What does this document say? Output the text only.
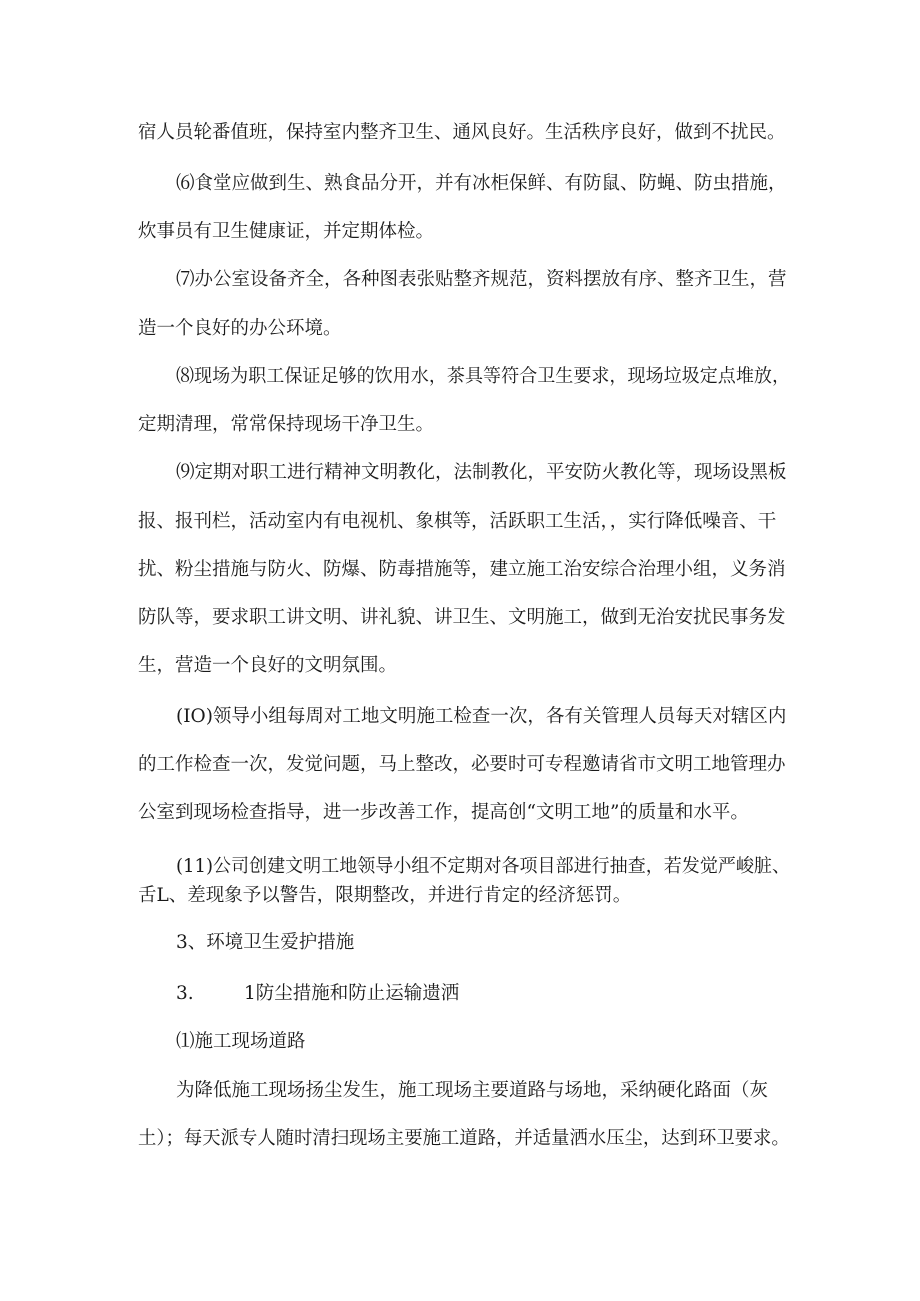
宿人员轮番值班，保持室内整齐卫生、通风良好。生活秩序良好，做到不扰民。
⑹食堂应做到生、熟食品分开，并有冰柜保鲜、有防鼠、防蝇、防虫措施，
炊事员有卫生健康证，并定期体检。
⑺办公室设备齐全，各种图表张贴整齐规范，资料摆放有序、整齐卫生，营
造一个良好的办公环境。
⑻现场为职工保证足够的饮用水，茶具等符合卫生要求，现场垃圾定点堆放，
定期清理，常常保持现场干净卫生。
⑼定期对职工进行精神文明教化，法制教化，平安防火教化等，现场设黑板
报、报刊栏，活动室内有电视机、象棋等，活跃职工生活，，实行降低噪音、干
扰、粉尘措施与防火、防爆、防毒措施等，建立施工治安综合治理小组，义务消
防队等，要求职工讲文明、讲礼貌、讲卫生、文明施工，做到无治安扰民事务发
生，营造一个良好的文明氛围。
(IO)领导小组每周对工地文明施工检查一次，各有关管理人员每天对辖区内
的工作检查一次，发觉问题，马上整改，必要时可专程邀请省市文明工地管理办
公室到现场检查指导，进一步改善工作，提高创“文明工地”的质量和水平。
(11)公司创建文明工地领导小组不定期对各项目部进行抽查，若发觉严峻脏、
舌L、差现象予以警告，限期整改，并进行肯定的经济惩罚。
3、环境卫生爱护措施
3.	1防尘措施和防止运输遗洒
⑴施工现场道路
为降低施工现场扬尘发生，施工现场主要道路与场地，采纳硬化路面（灰
土）；每天派专人随时清扫现场主要施工道路，并适量洒水压尘，达到环卫要求。
